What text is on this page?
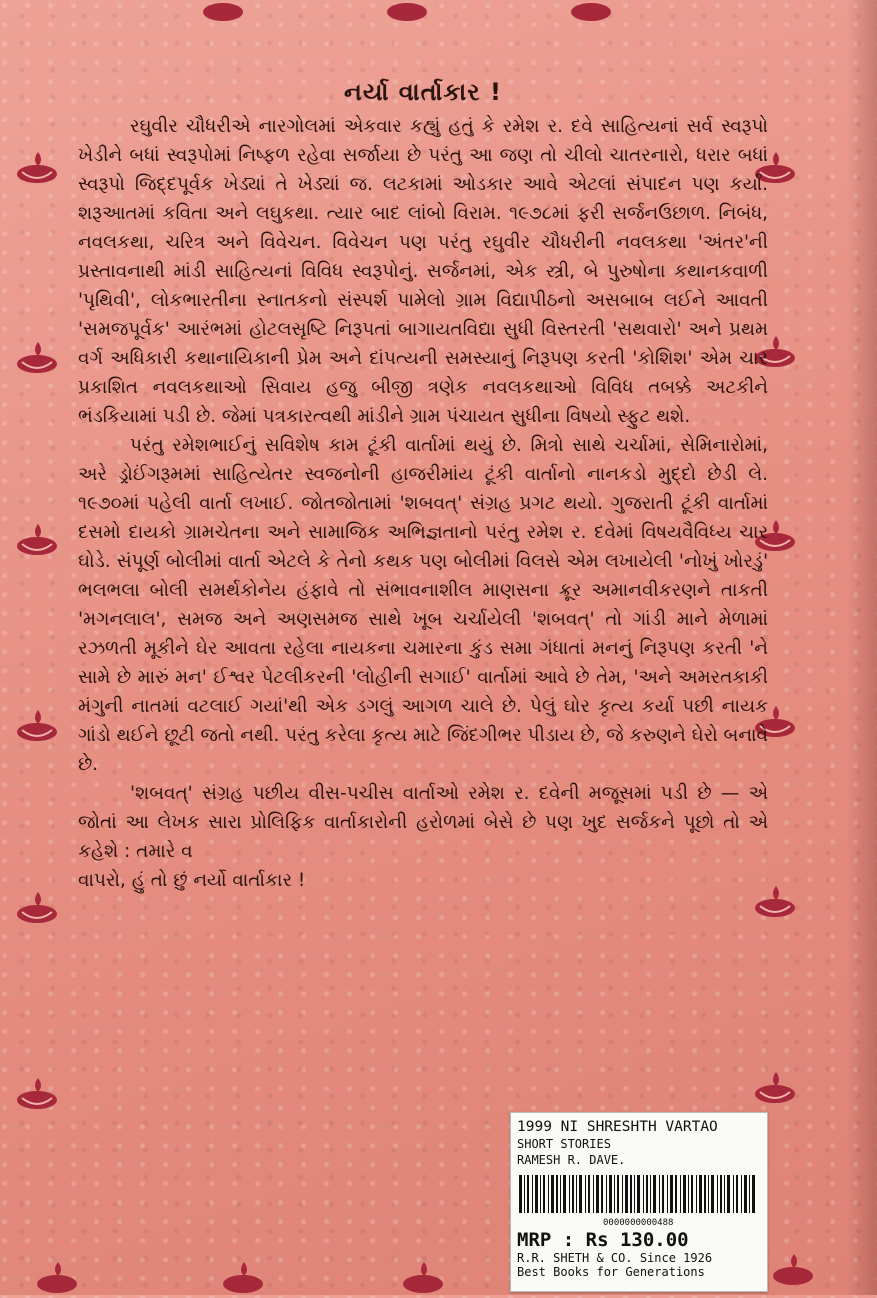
નર્યા વાર્તાકાર !

રઘુવીર ચૌધરીએ નારગોલમાં એકવાર કહ્યું હતું કે રમેશ ર. દવે સાહિત્યનાં સર્વ સ્વરૂપો ખેડીને બધાં સ્વરૂપોમાં નિષ્ફળ રહેવા સર્જાયા છે પરંતુ આ જણ તો ચીલો ચાતરનારો, ધરાર બધાં સ્વરૂપો જિદ્દપૂર્વક ખેડ્યાં તે ખેડ્યાં જ. લટકામાં ઓડકાર આવે એટલાં સંપાદન પણ કર્યાં. શરૂઆતમાં કવિતા અને લઘુકથા. ત્યાર બાદ લાંબો વિરામ. ૧૯૭૮માં ફરી સર્જનઉછાળ. નિબંધ, નવલકથા, ચરિત્ર અને વિવેચન. વિવેચન પણ પરંતુ રઘુવીર ચૌધરીની નવલકથા 'અંતર'ની પ્રસ્તાવનાથી માંડી સાહિત્યનાં વિવિધ સ્વરૂપોનું. સર્જનમાં, એક સ્ત્રી, બે પુરુષોના કથાનકવાળી 'પૃથિવી', લોકભારતીના સ્નાતકનો સંસ્પર્શ પામેલો ગ્રામ વિદ્યાપીઠનો અસબાબ લઈને આવતી 'સમજપૂર્વક' આરંભમાં હોટલસૃષ્ટિ નિરૂપતાં બાગાયતવિદ્યા સુધી વિસ્તરતી 'સથવારો' અને પ્રથમ વર્ગ અધિકારી કથાનાયિકાની પ્રેમ અને દાંપત્યની સમસ્યાનું નિરૂપણ કરતી 'કોશિશ' એમ ચાર પ્રકાશિત નવલકથાઓ સિવાય હજુ બીજી ત્રણેક નવલકથાઓ વિવિધ તબક્કે અટકીને ભંડકિયામાં પડી છે. જેમાં પત્રકારત્વથી માંડીને ગ્રામ પંચાયત સુધીના વિષયો સ્ફુટ થશે.

પરંતુ રમેશભાઈનું સવિશેષ કામ ટૂંકી વાર્તામાં થયું છે. મિત્રો સાથે ચર્ચામાં, સેમિનારોમાં, અરે ડ્રોઈંગરૂમમાં સાહિત્યેતર સ્વજનોની હાજરીમાંય ટૂંકી વાર્તાનો નાનકડો મુદ્દો છેડી લે. ૧૯૭૦માં પહેલી વાર્તા લખાઈ. જોતજોતામાં 'શબવત્' સંગ્રહ પ્રગટ થયો. ગુજરાતી ટૂંકી વાર્તામાં દસમો દાયકો ગ્રામચેતના અને સામાજિક અભિજ્ઞતાનો પરંતુ રમેશ ર. દવેમાં વિષયવૈવિધ્ય ચાર ઘોડે. સંપૂર્ણ બોલીમાં વાર્તા એટલે કે તેનો કથક પણ બોલીમાં વિલસે એમ લખાયેલી 'નોખું ખોરડું' ભલભલા બોલી સમર્થકોનેય હંફાવે તો સંભાવનાશીલ માણસના ક્રૂર અમાનવીકરણને તાકતી 'મગનલાલ', સમજ અને અણસમજ સાથે ખૂબ ચર્ચાયેલી 'શબવત્' તો ગાંડી માને મેળામાં રઝળતી મૂકીને ઘેર આવતા રહેલા નાયકના ચમારના કુંડ સમા ગંધાતાં મનનું નિરૂપણ કરતી 'ને સામે છે મારું મન' ઈશ્વર પેટલીકરની 'લોહીની સગાઈ' વાર્તામાં આવે છે તેમ, 'અને અમરતકાકી મંગુની નાતમાં વટલાઈ ગયાં'થી એક ડગલું આગળ ચાલે છે. પેલું ઘોર કૃત્ય કર્યા પછી નાયક ગાંડો થઈને છૂટી જતો નથી. પરંતુ કરેલા કૃત્ય માટે જિંદગીભર પીડાય છે, જે કરુણને ઘેરો બનાવે છે.

'શબવત્' સંગ્રહ પછીય વીસ-પચીસ વાર્તાઓ રમેશ ર. દવેની મજૂસમાં પડી છે — એ જોતાં આ લેખક સારા પ્રોલિફિક વાર્તાકારોની હરોળમાં બેસે છે પણ ખુદ સર્જકને પૂછો તો એ કહેશે : તમારે વ

વાપરો, હું તો છું નર્યો વાર્તાકાર !

1999 NI SHRESHTH VARTAO
SHORT STORIES
RAMESH R. DAVE.
0000000000488
MRP : Rs 130.00
R.R. SHETH & CO. Since 1926
Best Books for Generations
